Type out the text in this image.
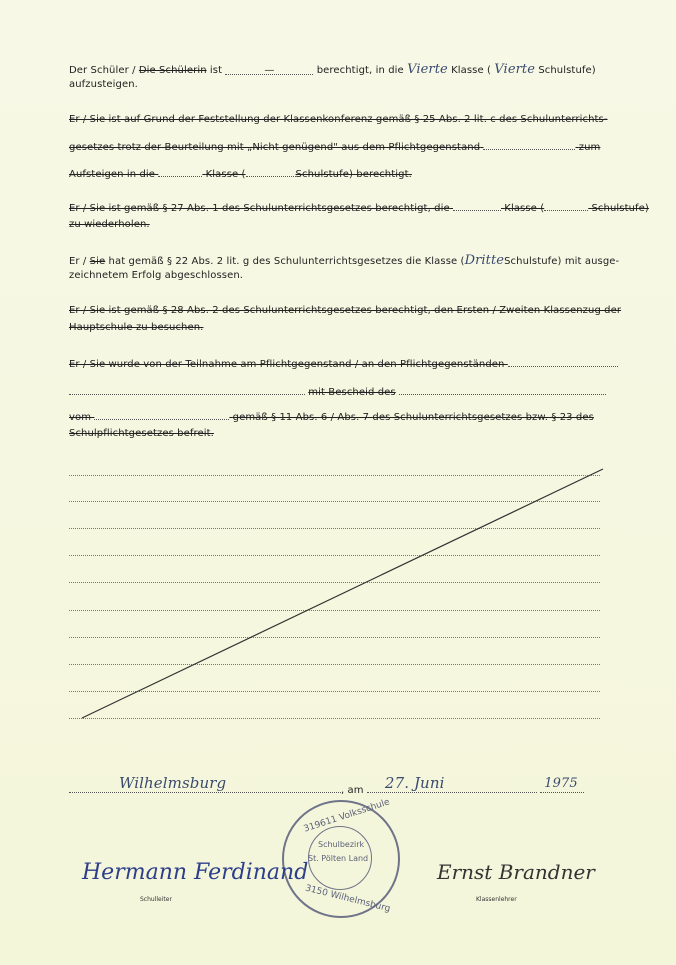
Der Schüler / Die Schülerin ist	—	berechtigt, in die Vierte Klasse ( Vierte Schulstufe)
aufzusteigen.
Er / Sie ist auf Grund der Feststellung der Klassenkonferenz gemäß § 25 Abs. 2 lit. c des Schulunterrichts-
gesetzes trotz der Beurteilung mit „Nicht genügend" aus dem Pflichtgegenstand	zum
Aufsteigen in die	Klasse (	Schulstufe) berechtigt.
Er / Sie ist gemäß § 27 Abs. 1 des Schulunterrichtsgesetzes berechtigt, die	Klasse (	Schulstufe)
zu wiederholen.
Er / Sie hat gemäß § 22 Abs. 2 lit. g des Schulunterrichtsgesetzes die Klasse (DritteSchulstufe) mit ausge-
zeichnetem Erfolg abgeschlossen.
Er / Sie ist gemäß § 28 Abs. 2 des Schulunterrichtsgesetzes berechtigt, den Ersten / Zweiten Klassenzug der
Hauptschule zu besuchen.
Er / Sie wurde von der Teilnahme am Pflichtgegenstand / an den Pflichtgegenständen
mit Bescheid des
vom	gemäß § 11 Abs. 6 / Abs. 7 des Schulunterrichtsgesetzes bzw. § 23 des
Schulpflichtgesetzes befreit.
Wilhelmsburg	, am 27. Juni
	1975
319611 Volksschule
Schulbezirk
St. Pölten Land
3150 Wilhelmsburg
Hermann Ferdinand
Schulleiter
Ernst Brandner
Klassenlehrer
